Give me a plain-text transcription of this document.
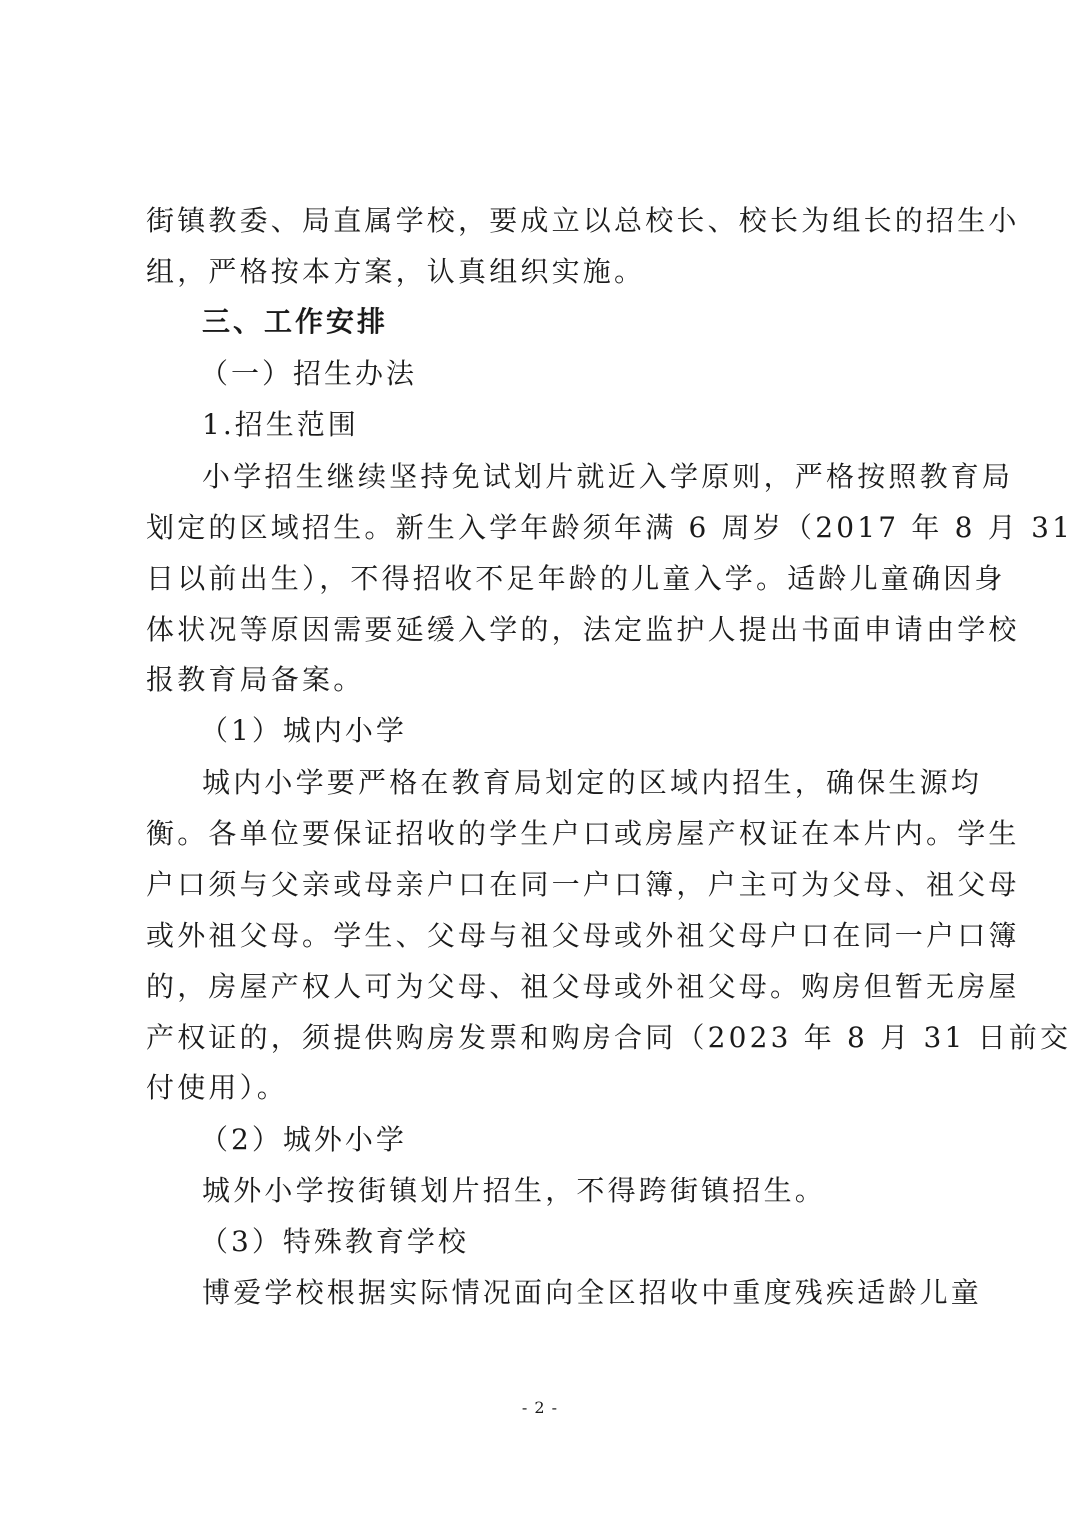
街镇教委、局直属学校，要成立以总校长、校长为组长的招生小
组，严格按本方案，认真组织实施。
三、工作安排
（一）招生办法
1.招生范围
小学招生继续坚持免试划片就近入学原则，严格按照教育局
划定的区域招生。新生入学年龄须年满 6 周岁（2017 年 8 月 31
日以前出生），不得招收不足年龄的儿童入学。适龄儿童确因身
体状况等原因需要延缓入学的，法定监护人提出书面申请由学校
报教育局备案。
（1）城内小学
城内小学要严格在教育局划定的区域内招生，确保生源均
衡。各单位要保证招收的学生户口或房屋产权证在本片内。学生
户口须与父亲或母亲户口在同一户口簿，户主可为父母、祖父母
或外祖父母。学生、父母与祖父母或外祖父母户口在同一户口簿
的，房屋产权人可为父母、祖父母或外祖父母。购房但暂无房屋
产权证的，须提供购房发票和购房合同（2023 年 8 月 31 日前交
付使用）。
（2）城外小学
城外小学按街镇划片招生，不得跨街镇招生。
（3）特殊教育学校
博爱学校根据实际情况面向全区招收中重度残疾适龄儿童
- 2 -
